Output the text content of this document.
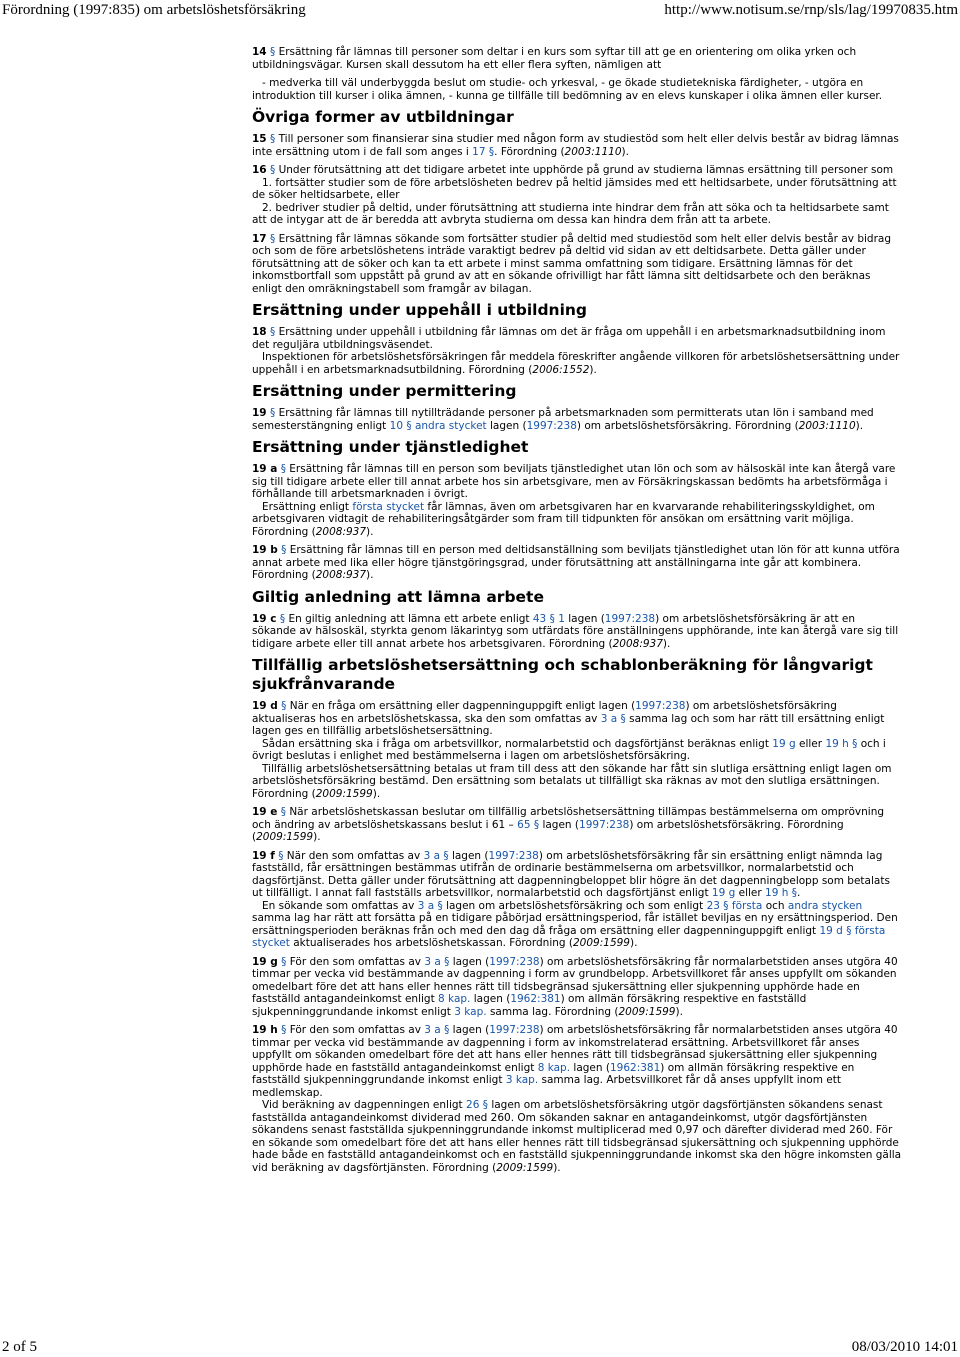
Förordning (1997:835) om arbetslöshetsförsäkring	http://www.notisum.se/rnp/sls/lag/19970835.htm

14 § Ersättning får lämnas till personer som deltar i en kurs som syftar till att ge en orientering om olika yrken och utbildningsvägar. Kursen skall dessutom ha ett eller flera syften, nämligen att

- medverka till väl underbyggda beslut om studie- och yrkesval, - ge ökade studietekniska färdigheter, - utgöra en introduktion till kurser i olika ämnen, - kunna ge tillfälle till bedömning av en elevs kunskaper i olika ämnen eller kurser.

Övriga former av utbildningar

15 § Till personer som finansierar sina studier med någon form av studiestöd som helt eller delvis består av bidrag lämnas inte ersättning utom i de fall som anges i 17 §. Förordning (2003:1110).

16 § Under förutsättning att det tidigare arbetet inte upphörde på grund av studierna lämnas ersättning till personer som

1. fortsätter studier som de före arbetslösheten bedrev på heltid jämsides med ett heltidsarbete, under förutsättning att de söker heltidsarbete, eller

2. bedriver studier på deltid, under förutsättning att studierna inte hindrar dem från att söka och ta heltidsarbete samt att de intygar att de är beredda att avbryta studierna om dessa kan hindra dem från att ta arbete.

17 § Ersättning får lämnas sökande som fortsätter studier på deltid med studiestöd som helt eller delvis består av bidrag och som de före arbetslöshetens inträde varaktigt bedrev på deltid vid sidan av ett deltidsarbete. Detta gäller under förutsättning att de söker och kan ta ett arbete i minst samma omfattning som tidigare. Ersättning lämnas för det inkomstbortfall som uppstått på grund av att en sökande ofrivilligt har fått lämna sitt deltidsarbete och den beräknas enligt den omräkningstabell som framgår av bilagan.

Ersättning under uppehåll i utbildning

18 § Ersättning under uppehåll i utbildning får lämnas om det är fråga om uppehåll i en arbetsmarknadsutbildning inom det reguljära utbildningsväsendet.

Inspektionen för arbetslöshetsförsäkringen får meddela föreskrifter angående villkoren för arbetslöshetsersättning under uppehåll i en arbetsmarknadsutbildning. Förordning (2006:1552).

Ersättning under permittering

19 § Ersättning får lämnas till nytillträdande personer på arbetsmarknaden som permitterats utan lön i samband med semesterstängning enligt 10 § andra stycket lagen (1997:238) om arbetslöshetsförsäkring. Förordning (2003:1110).

Ersättning under tjänstledighet

19 a § Ersättning får lämnas till en person som beviljats tjänstledighet utan lön och som av hälsoskäl inte kan återgå vare sig till tidigare arbete eller till annat arbete hos sin arbetsgivare, men av Försäkringskassan bedömts ha arbetsförmåga i förhållande till arbetsmarknaden i övrigt.

Ersättning enligt första stycket får lämnas, även om arbetsgivaren har en kvarvarande rehabiliteringsskyldighet, om arbetsgivaren vidtagit de rehabiliteringsåtgärder som fram till tidpunkten för ansökan om ersättning varit möjliga. Förordning (2008:937).

19 b § Ersättning får lämnas till en person med deltidsanställning som beviljats tjänstledighet utan lön för att kunna utföra annat arbete med lika eller högre tjänstgöringsgrad, under förutsättning att anställningarna inte går att kombinera. Förordning (2008:937).

Giltig anledning att lämna arbete

19 c § En giltig anledning att lämna ett arbete enligt 43 § 1 lagen (1997:238) om arbetslöshetsförsäkring är att en sökande av hälsoskäl, styrkta genom läkarintyg som utfärdats före anställningens upphörande, inte kan återgå vare sig till tidigare arbete eller till annat arbete hos arbetsgivaren. Förordning (2008:937).

Tillfällig arbetslöshetsersättning och schablonberäkning för långvarigt sjukfrånvarande

19 d § När en fråga om ersättning eller dagpenninguppgift enligt lagen (1997:238) om arbetslöshetsförsäkring aktualiseras hos en arbetslöshetskassa, ska den som omfattas av 3 a § samma lag och som har rätt till ersättning enligt lagen ges en tillfällig arbetslöshetsersättning.

Sådan ersättning ska i fråga om arbetsvillkor, normalarbetstid och dagsförtjänst beräknas enligt 19 g eller 19 h § och i övrigt beslutas i enlighet med bestämmelserna i lagen om arbetslöshetsförsäkring.

Tillfällig arbetslöshetsersättning betalas ut fram till dess att den sökande har fått sin slutliga ersättning enligt lagen om arbetslöshetsförsäkring bestämd. Den ersättning som betalats ut tillfälligt ska räknas av mot den slutliga ersättningen. Förordning (2009:1599).

19 e § När arbetslöshetskassan beslutar om tillfällig arbetslöshetsersättning tillämpas bestämmelserna om omprövning och ändring av arbetslöshetskassans beslut i 61 – 65 § lagen (1997:238) om arbetslöshetsförsäkring. Förordning (2009:1599).

19 f § När den som omfattas av 3 a § lagen (1997:238) om arbetslöshetsförsäkring får sin ersättning enligt nämnda lag fastställd, får ersättningen bestämmas utifrån de ordinarie bestämmelserna om arbetsvillkor, normalarbetstid och dagsförtjänst. Detta gäller under förutsättning att dagpenningbeloppet blir högre än det dagpenningbelopp som betalats ut tillfälligt. I annat fall fastställs arbetsvillkor, normalarbetstid och dagsförtjänst enligt 19 g eller 19 h §.

En sökande som omfattas av 3 a § lagen om arbetslöshetsförsäkring och som enligt 23 § första och andra stycken samma lag har rätt att forsätta på en tidigare påbörjad ersättningsperiod, får istället beviljas en ny ersättningsperiod. Den ersättningsperioden beräknas från och med den dag då fråga om ersättning eller dagpenninguppgift enligt 19 d § första stycket aktualiserades hos arbetslöshetskassan. Förordning (2009:1599).

19 g § För den som omfattas av 3 a § lagen (1997:238) om arbetslöshetsförsäkring får normalarbetstiden anses utgöra 40 timmar per vecka vid bestämmande av dagpenning i form av grundbelopp. Arbetsvillkoret får anses uppfyllt om sökanden omedelbart före det att hans eller hennes rätt till tidsbegränsad sjukersättning eller sjukpenning upphörde hade en fastställd antagandeinkomst enligt 8 kap. lagen (1962:381) om allmän försäkring respektive en fastställd sjukpenninggrundande inkomst enligt 3 kap. samma lag. Förordning (2009:1599).

19 h § För den som omfattas av 3 a § lagen (1997:238) om arbetslöshetsförsäkring får normalarbetstiden anses utgöra 40 timmar per vecka vid bestämmande av dagpenning i form av inkomstrelaterad ersättning. Arbetsvillkoret får anses uppfyllt om sökanden omedelbart före det att hans eller hennes rätt till tidsbegränsad sjukersättning eller sjukpenning upphörde hade en fastställd antagandeinkomst enligt 8 kap. lagen (1962:381) om allmän försäkring respektive en fastställd sjukpenninggrundande inkomst enligt 3 kap. samma lag. Arbetsvillkoret får då anses uppfyllt inom ett medlemskap.

Vid beräkning av dagpenningen enligt 26 § lagen om arbetslöshetsförsäkring utgör dagsförtjänsten sökandens senast fastställda antagandeinkomst dividerad med 260. Om sökanden saknar en antagandeinkomst, utgör dagsförtjänsten sökandens senast fastställda sjukpenninggrundande inkomst multiplicerad med 0,97 och därefter dividerad med 260. För en sökande som omedelbart före det att hans eller hennes rätt till tidsbegränsad sjukersättning och sjukpenning upphörde hade både en fastställd antagandeinkomst och en fastställd sjukpenninggrundande inkomst ska den högre inkomsten gälla vid beräkning av dagsförtjänsten. Förordning (2009:1599).

2 of 5	08/03/2010 14:01
